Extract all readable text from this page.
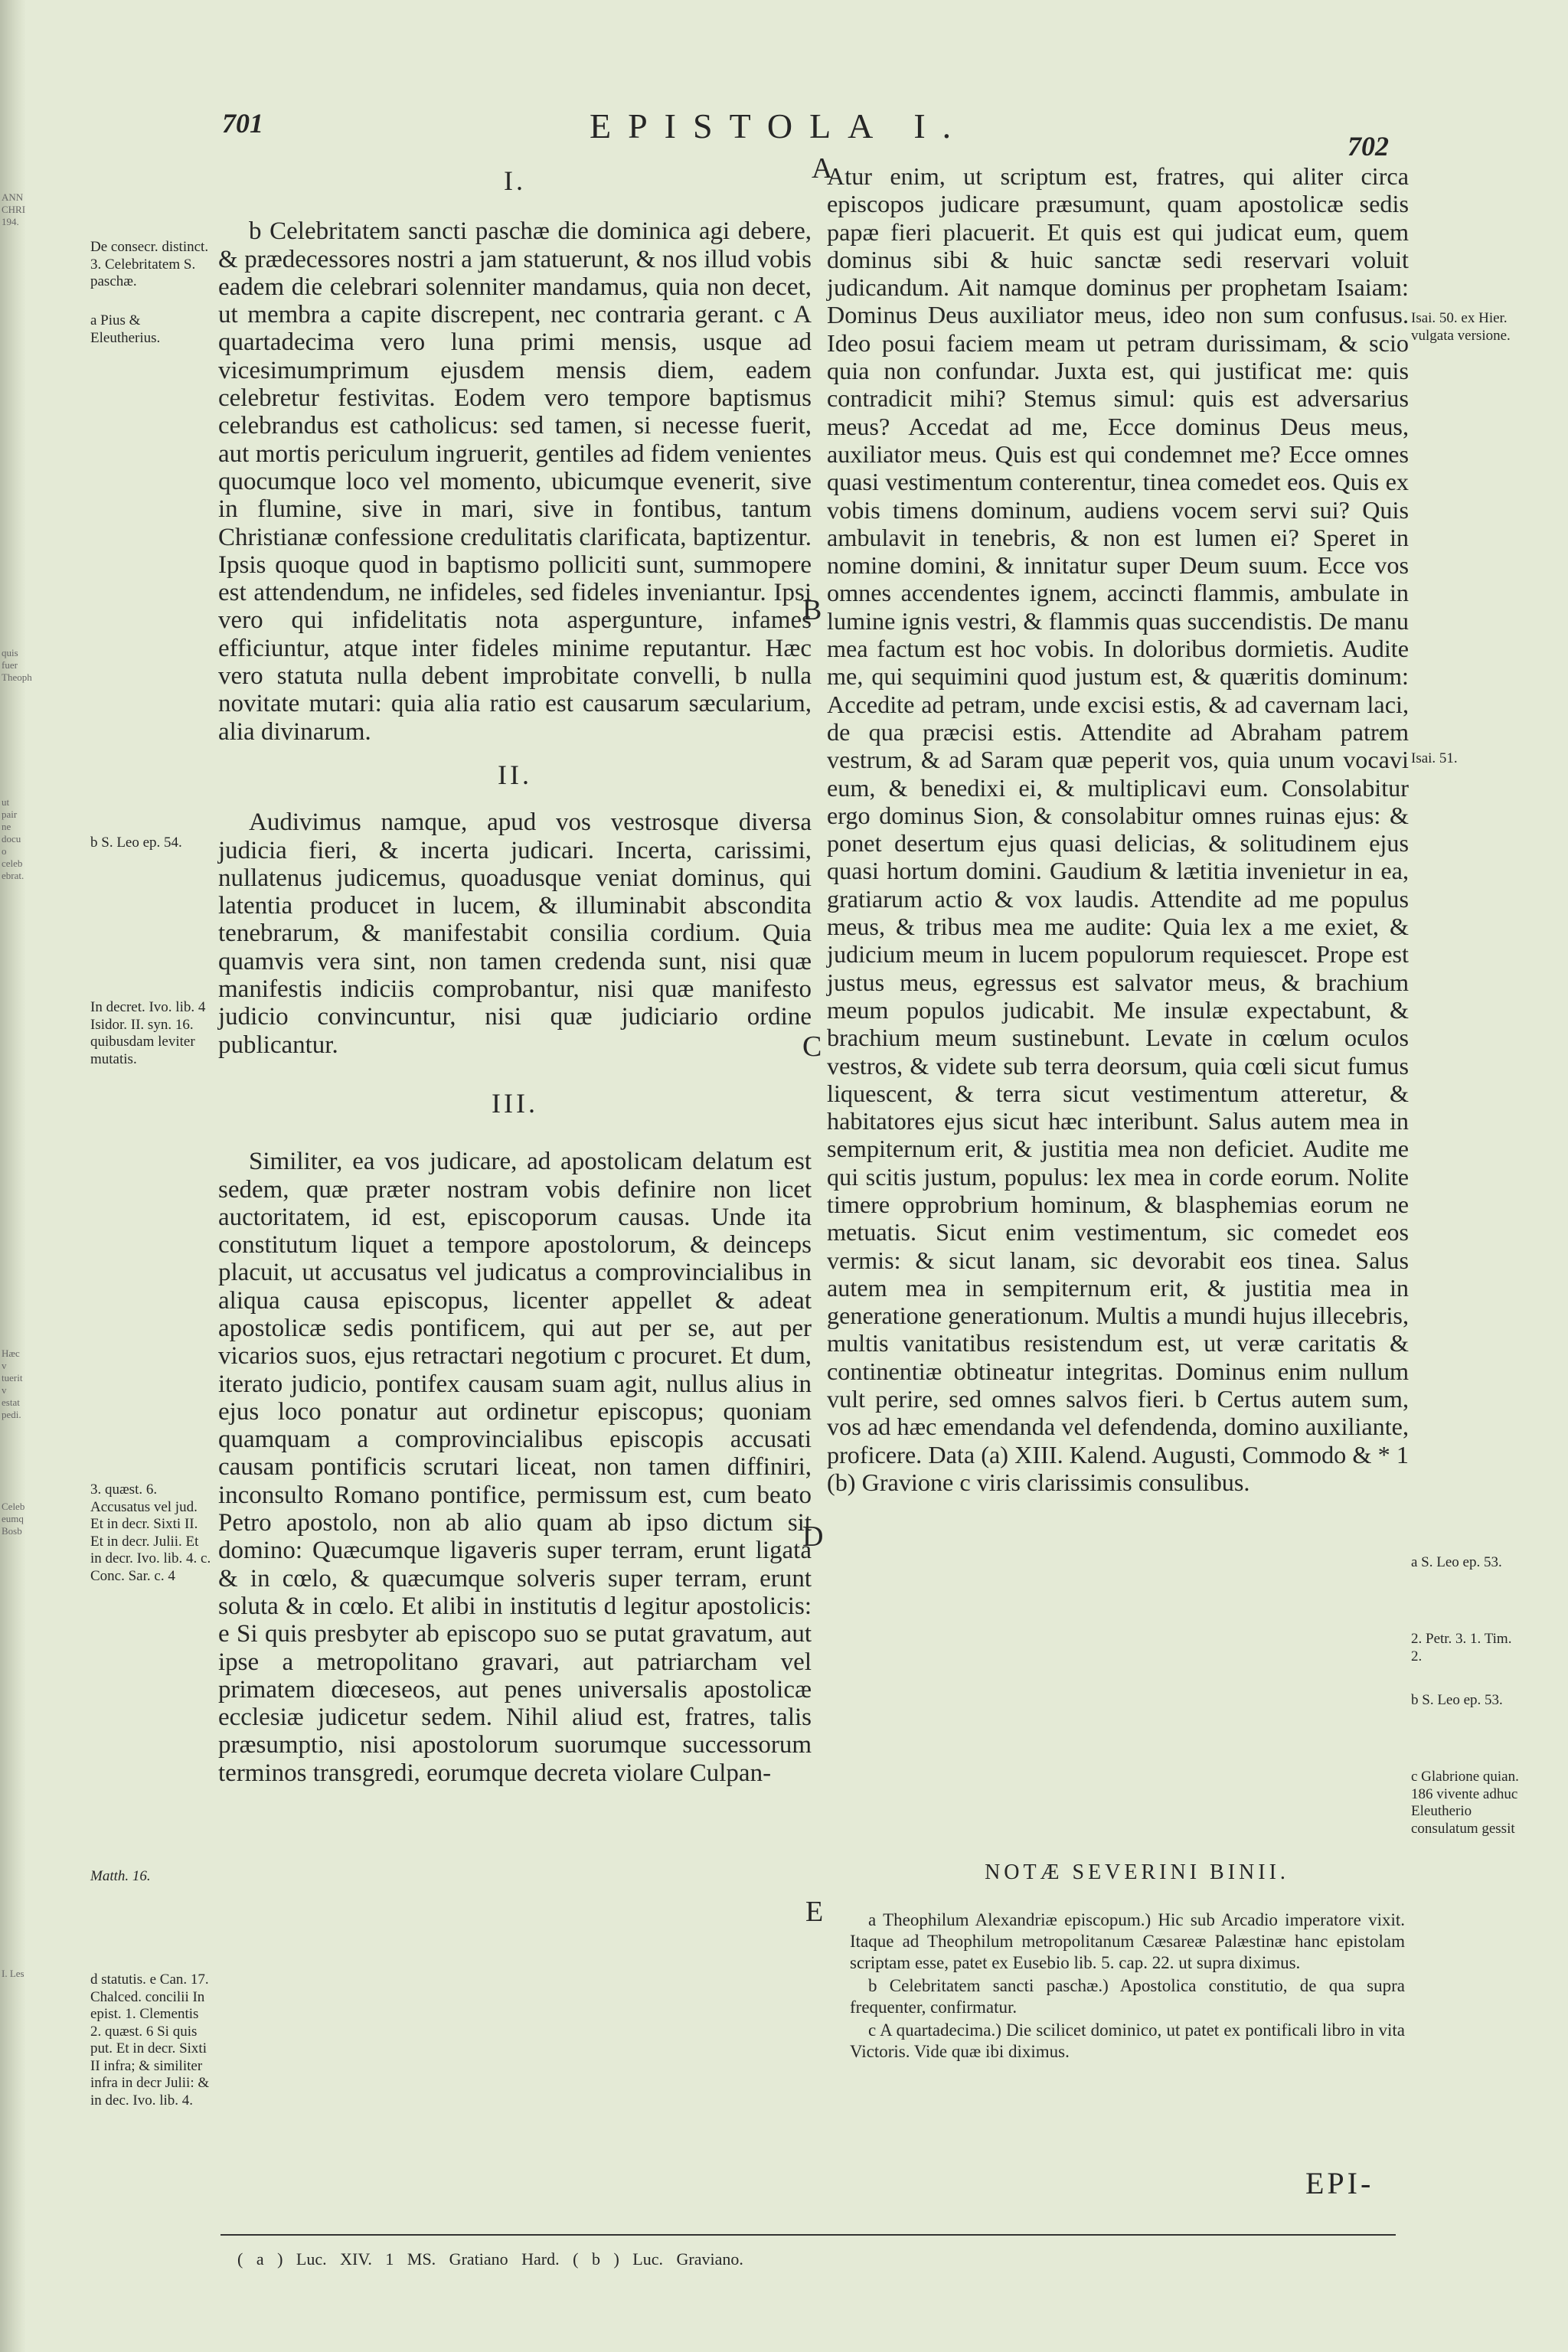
ANN CHRI 194.
quis fuer Theoph
ut pair ne docu o celeb ebrat.
Hæc v tuerit v estat pedi.
Celeb eumq Bosb
I. Les
701	EPISTOLA I.
702
I.

b Celebritatem sancti paschæ die dominica agi debere, & prædecessores nostri a jam statuerunt, & nos illud vobis eadem die celebrari solenniter mandamus, quia non decet, ut membra a capite discrepent, nec contraria gerant. c A quartadecima vero luna primi mensis, usque ad vicesimumprimum ejusdem mensis diem, eadem celebretur festivitas. Eodem vero tempore baptismus celebrandus est catholicus: sed tamen, si necesse fuerit, aut mortis periculum ingruerit, gentiles ad fidem venientes quocumque loco vel momento, ubicumque evenerit, sive in flumine, sive in mari, sive in fontibus, tantum Christianæ confessione credulitatis clarificata, baptizentur. Ipsis quoque quod in baptismo polliciti sunt, summopere est attendendum, ne infideles, sed fideles inveniantur. Ipsi vero qui infidelitatis nota aspergunture, infames efficiuntur, atque inter fideles minime reputantur. Hæc vero statuta nulla debent improbitate convelli, b nulla novitate mutari: quia alia ratio est causarum sæcularium, alia divinarum.

II.

Audivimus namque, apud vos vestrosque diversa judicia fieri, & incerta judicari. Incerta, carissimi, nullatenus judicemus, quoadusque veniat dominus, qui latentia producet in lucem, & illuminabit abscondita tenebrarum, & manifestabit consilia cordium. Quia quamvis vera sint, non tamen credenda sunt, nisi quæ manifestis indiciis comprobantur, nisi quæ manifesto judicio convincuntur, nisi quæ judiciario ordine publicantur.

III.

Similiter, ea vos judicare, ad apostolicam delatum est sedem, quæ præter nostram vobis definire non licet auctoritatem, id est, episcoporum causas. Unde ita constitutum liquet a tempore apostolorum, & deinceps placuit, ut accusatus vel judicatus a comprovincialibus in aliqua causa episcopus, licenter appellet & adeat apostolicæ sedis pontificem, qui aut per se, aut per vicarios suos, ejus retractari negotium c procuret. Et dum, iterato judicio, pontifex causam suam agit, nullus alius in ejus loco ponatur aut ordinetur episcopus; quoniam quamquam a comprovincialibus episcopis accusati causam pontificis scrutari liceat, non tamen diffiniri, inconsulto Romano pontifice, permissum est, cum beato Petro apostolo, non ab alio quam ab ipso dictum sit domino: Quæcumque ligaveris super terram, erunt ligata & in cœlo, & quæcumque solveris super terram, erunt soluta & in cœlo. Et alibi in institutis d legitur apostolicis: e Si quis presbyter ab episcopo suo se putat gravatum, aut ipse a metropolitano gravari, aut patriarcham vel primatem diœceseos, aut penes universalis apostolicæ ecclesiæ judicetur sedem. Nihil aliud est, fratres, talis præsumptio, nisi apostolorum suorumque successorum terminos transgredi, eorumque decreta violare Culpan-

De consecr. distinct. 3. Celebritatem S. paschæ.
a Pius & Eleutherius.
b S. Leo ep. 54.
In decret. Ivo. lib. 4 Isidor. II. syn. 16. quibusdam leviter mutatis.
3. quæst. 6. Accusatus vel jud. Et in decr. Sixti II. Et in decr. Julii. Et in decr. Ivo. lib. 4. c. Conc. Sar. c. 4
Matth. 16.
d statutis. e Can. 17. Chalced. concilii In epist. 1. Clementis 2. quæst. 6 Si quis put. Et in decr. Sixti II infra; & similiter infra in decr Julii: & in dec. Ivo. lib. 4.
A
B
C
D
E

Atur enim, ut scriptum est, fratres, qui aliter circa episcopos judicare præsumunt, quam apostolicæ sedis papæ fieri placuerit. Et quis est qui judicat eum, quem dominus sibi & huic sanctæ sedi reservari voluit judicandum. Ait namque dominus per prophetam Isaiam: Dominus Deus auxiliator meus, ideo non sum confusus. Ideo posui faciem meam ut petram durissimam, & scio quia non confundar. Juxta est, qui justificat me: quis contradicit mihi? Stemus simul: quis est adversarius meus? Accedat ad me, Ecce dominus Deus meus, auxiliator meus. Quis est qui condemnet me? Ecce omnes quasi vestimentum conterentur, tinea comedet eos. Quis ex vobis timens dominum, audiens vocem servi sui? Quis ambulavit in tenebris, & non est lumen ei? Speret in nomine domini, & innitatur super Deum suum. Ecce vos omnes accendentes ignem, accincti flammis, ambulate in lumine ignis vestri, & flammis quas succendistis. De manu mea factum est hoc vobis. In doloribus dormietis. Audite me, qui sequimini quod justum est, & quæritis dominum: Accedite ad petram, unde excisi estis, & ad cavernam laci, de qua præcisi estis. Attendite ad Abraham patrem vestrum, & ad Saram quæ peperit vos, quia unum vocavi eum, & benedixi ei, & multiplicavi eum. Consolabitur ergo dominus Sion, & consolabitur omnes ruinas ejus: & ponet desertum ejus quasi delicias, & solitudinem ejus quasi hortum domini. Gaudium & lætitia invenietur in ea, gratiarum actio & vox laudis. Attendite ad me populus meus, & tribus mea me audite: Quia lex a me exiet, & judicium meum in lucem populorum requiescet. Prope est justus meus, egressus est salvator meus, & brachium meum populos judicabit. Me insulæ expectabunt, & brachium meum sustinebunt. Levate in cœlum oculos vestros, & videte sub terra deorsum, quia cœli sicut fumus liquescent, & terra sicut vestimentum atteretur, & habitatores ejus sicut hæc interibunt. Salus autem mea in sempiternum erit, & justitia mea non deficiet. Audite me qui scitis justum, populus: lex mea in corde eorum. Nolite timere opprobrium hominum, & blasphemias eorum ne metuatis. Sicut enim vestimentum, sic comedet eos vermis: & sicut lanam, sic devorabit eos tinea. Salus autem mea in sempiternum erit, & justitia mea in generatione generationum. Multis a mundi hujus illecebris, multis vanitatibus resistendum est, ut veræ caritatis & continentiæ obtineatur integritas. Dominus enim nullum vult perire, sed omnes salvos fieri. b Certus autem sum, vos ad hæc emendanda vel defendenda, domino auxiliante, proficere. Data (a) XIII. Kalend. Augusti, Commodo & * 1 (b) Gravione c viris clarissimis consulibus.

Isai. 50. ex Hier. vulgata versione.
Isai. 51.
a S. Leo ep. 53.
2. Petr. 3. 1. Tim. 2.
b S. Leo ep. 53.
c Glabrione quian. 186 vivente adhuc Eleutherio consulatum gessit
NOTÆ SEVERINI BINII.

a Theophilum Alexandriæ episcopum.) Hic sub Arcadio imperatore vixit. Itaque ad Theophilum metropolitanum Cæsareæ Palæstinæ hanc epistolam scriptam esse, patet ex Eusebio lib. 5. cap. 22. ut supra diximus.

b Celebritatem sancti paschæ.) Apostolica constitutio, de qua supra frequenter, confirmatur.

c A quartadecima.) Die scilicet dominico, ut patet ex pontificali libro in vita Victoris. Vide quæ ibi diximus.

EPI-
( a ) Luc. XIV. 1 MS. Gratiano Hard. ( b ) Luc. Graviano.
